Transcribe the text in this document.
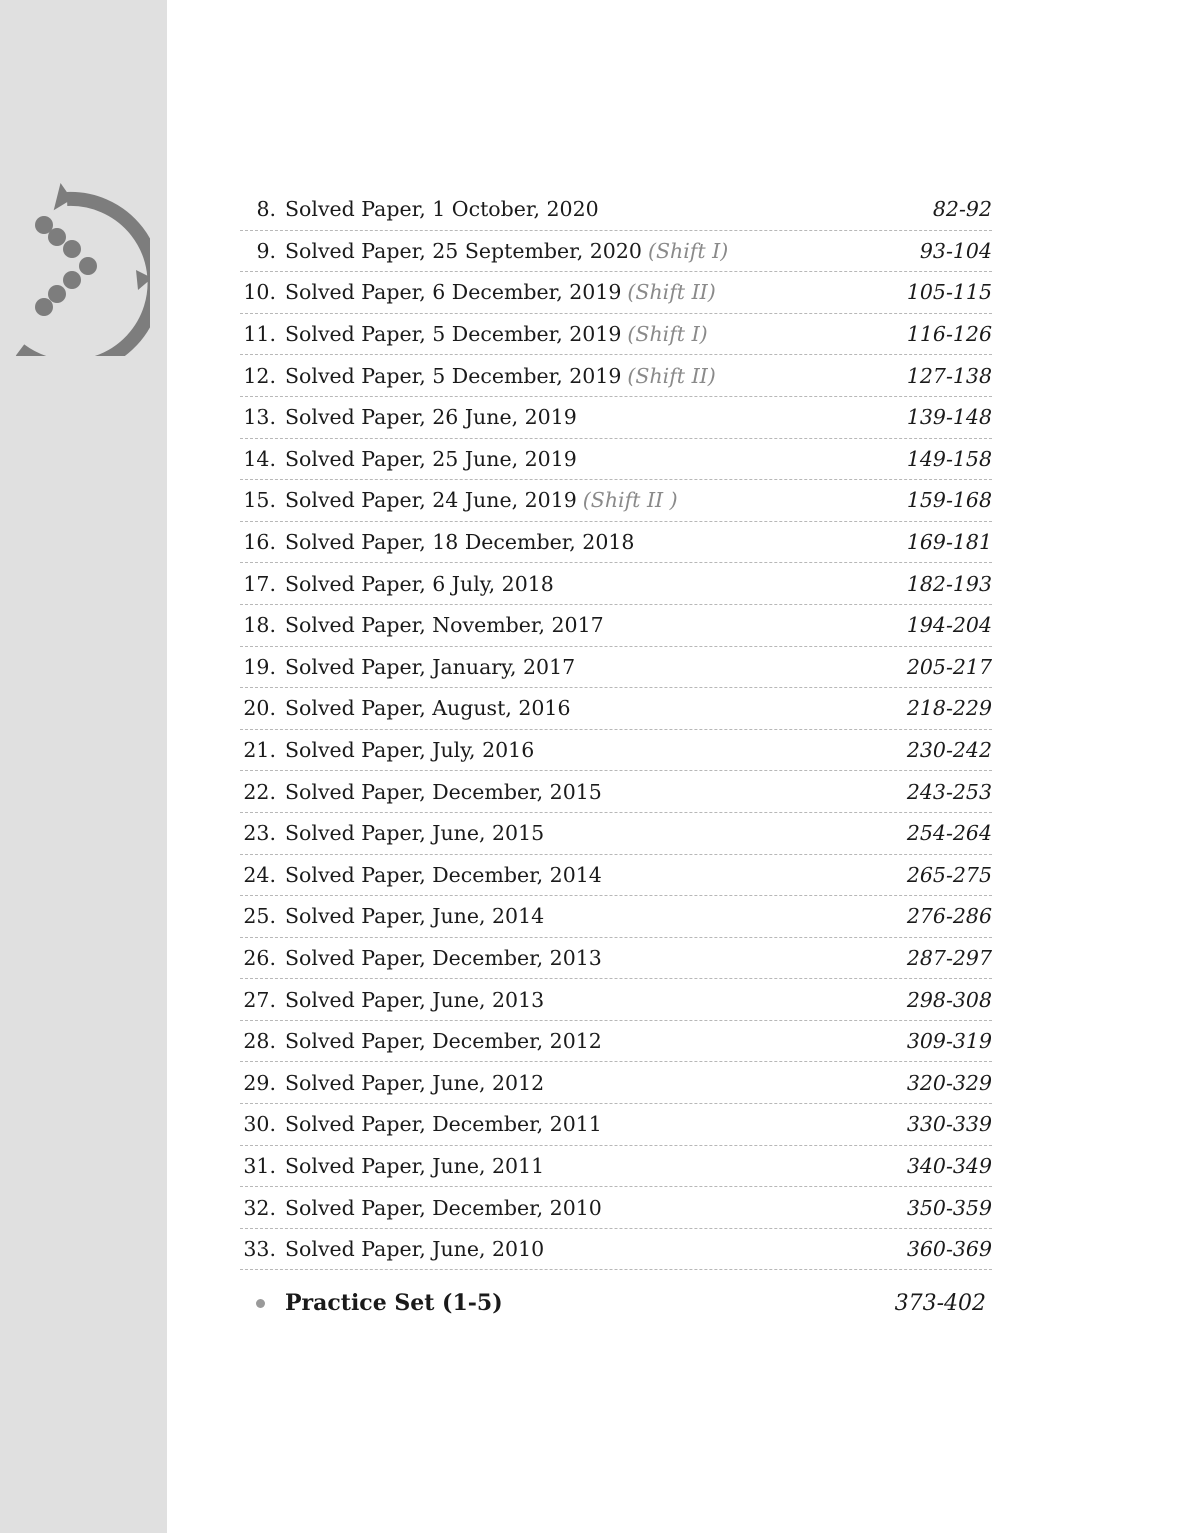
8. Solved Paper, 1 October, 2020	82-92
9. Solved Paper, 25 September, 2020 (Shift I)	93-104
10. Solved Paper, 6 December, 2019 (Shift II)	105-115
11. Solved Paper, 5 December, 2019 (Shift I)	116-126
12. Solved Paper, 5 December, 2019 (Shift II)	127-138
13. Solved Paper, 26 June, 2019	139-148
14. Solved Paper, 25 June, 2019	149-158
15. Solved Paper, 24 June, 2019 (Shift II )	159-168
16. Solved Paper, 18 December, 2018	169-181
17. Solved Paper, 6 July, 2018	182-193
18. Solved Paper, November, 2017	194-204
19. Solved Paper, January, 2017	205-217
20. Solved Paper, August, 2016	218-229
21. Solved Paper, July, 2016	230-242
22. Solved Paper, December, 2015	243-253
23. Solved Paper, June, 2015	254-264
24. Solved Paper, December, 2014	265-275
25. Solved Paper, June, 2014	276-286
26. Solved Paper, December, 2013	287-297
27. Solved Paper, June, 2013	298-308
28. Solved Paper, December, 2012	309-319
29. Solved Paper, June, 2012	320-329
30. Solved Paper, December, 2011	330-339
31. Solved Paper, June, 2011	340-349
32. Solved Paper, December, 2010	350-359
33. Solved Paper, June, 2010	360-369
Practice Set (1-5)	373-402
